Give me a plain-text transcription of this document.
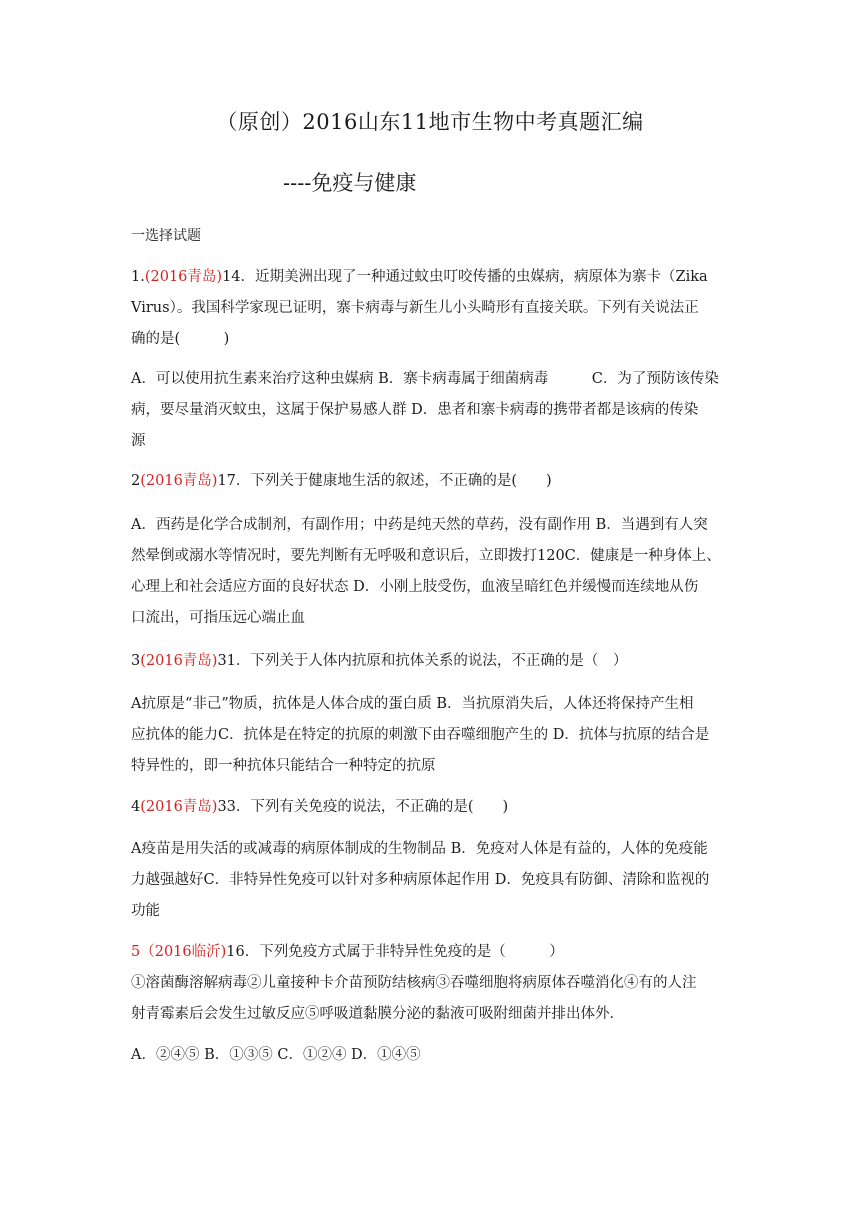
（原创）2016山东11地市生物中考真题汇编
----免疫与健康
一选择试题
1.(2016青岛)14．近期美洲出现了一种通过蚊虫叮咬传播的虫媒病，病原体为寨卡（Zika
Virus）。我国科学家现已证明，寨卡病毒与新生儿小头畸形有直接关联。下列有关说法正
确的是(　　　)
A．可以使用抗生素来治疗这种虫媒病 B．寨卡病毒属于细菌病毒　　　C．为了预防该传染
病，要尽量消灭蚊虫，这属于保护易感人群 D．患者和寨卡病毒的携带者都是该病的传染
源
2(2016青岛)17．下列关于健康地生活的叙述，不正确的是(　　)
A．西药是化学合成制剂，有副作用；中药是纯天然的草药，没有副作用 B．当遇到有人突
然晕倒或溺水等情况时，要先判断有无呼吸和意识后，立即拨打120C．健康是一种身体上、
心理上和社会适应方面的良好状态 D．小刚上肢受伤，血液呈暗红色并缓慢而连续地从伤
口流出，可指压远心端止血
3(2016青岛)31．下列关于人体内抗原和抗体关系的说法，不正确的是（　）
A抗原是“非己”物质，抗体是人体合成的蛋白质 B．当抗原消失后，人体还将保持产生相
应抗体的能力C．抗体是在特定的抗原的刺激下由吞噬细胞产生的 D．抗体与抗原的结合是
特异性的，即一种抗体只能结合一种特定的抗原
4(2016青岛)33．下列有关免疫的说法，不正确的是(　　)
A疫苗是用失活的或减毒的病原体制成的生物制品 B．免疫对人体是有益的，人体的免疫能
力越强越好C．非特异性免疫可以针对多种病原体起作用 D．免疫具有防御、清除和监视的
功能
5（2016临沂)16．下列免疫方式属于非特异性免疫的是（　　　）
①溶菌酶溶解病毒②儿童接种卡介苗预防结核病③吞噬细胞将病原体吞噬消化④有的人注
射青霉素后会发生过敏反应⑤呼吸道黏膜分泌的黏液可吸附细菌并排出体外．
A．②④⑤ B．①③⑤ C．①②④ D．①④⑤
